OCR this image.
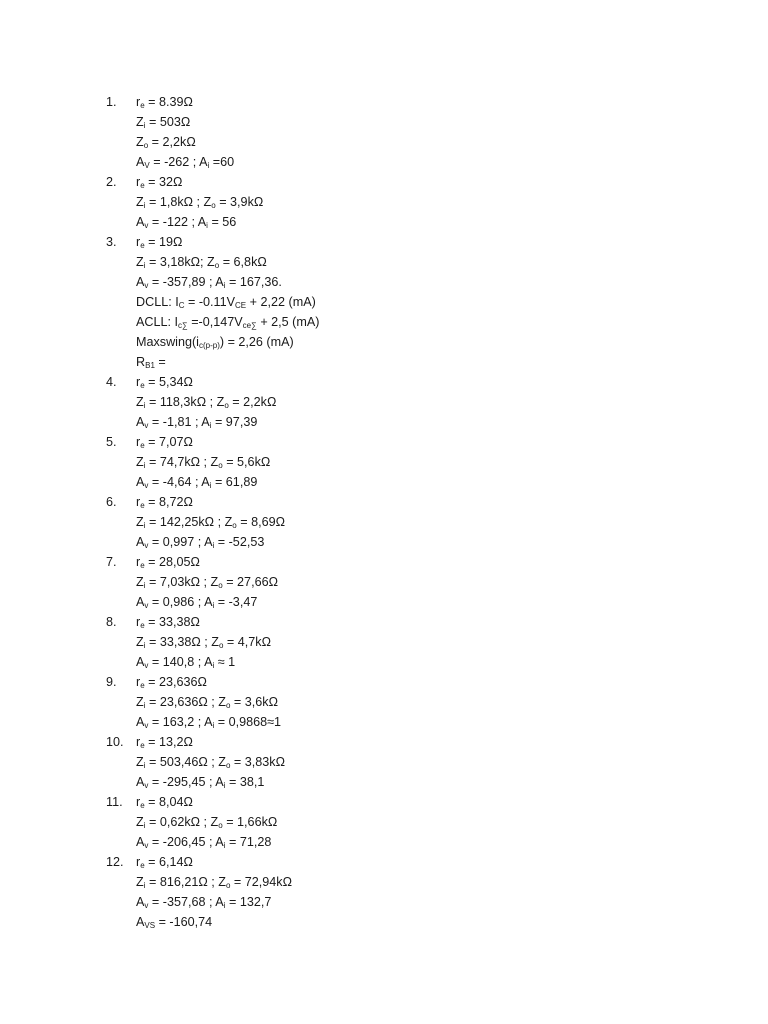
1.	$r_e = 8.39\Omega$
$Z_i = 503\Omega$
$Z_o = 2,2k\Omega$
$A_V = -262$ ; $A_i =60$
2.	$r_e = 32\Omega$
$Z_i = 1,8k\Omega$ ; $Z_o = 3,9k\Omega$
$A_v = -122$ ; $A_i = 56$
3.	$r_e = 19\Omega$
$Z_i = 3,18k\Omega$; $Z_o = 6,8k\Omega$
$A_v = -357,89$ ; $A_i = 167,36$.
DCLL: $I_C = -0.11V_{CE} + 2,22$ (mA)
ACLL: $I_{c\sum} =-0,147V_{ce\sum} + 2,5$ (mA)
$Maxswing(i_{c(p-p)}) = 2,26$ (mA)
$R_{B1}$ =
4.	$r_e = 5,34\Omega$
$Z_i = 118,3k\Omega$ ; $Z_o = 2,2k\Omega$
$A_v = -1,81$ ; $A_i = 97,39$
5.	$r_e = 7,07\Omega$
$Z_i = 74,7k\Omega$ ; $Z_o = 5,6k\Omega$
$A_v = -4,64$ ; $A_i = 61,89$
6.	$r_e = 8,72\Omega$
$Z_i = 142,25k\Omega$ ; $Z_o = 8,69\Omega$
$A_v = 0,997$ ; $A_i = -52,53$
7.	$r_e = 28,05\Omega$
$Z_i = 7,03k\Omega$ ; $Z_o = 27,66\Omega$
$A_v = 0,986$ ; $A_i = -3,47$
8.	$r_e = 33,38\Omega$
$Z_i = 33,38\Omega$ ; $Z_o = 4,7k\Omega$
$A_v = 140,8$ ; $A_i \approx 1$
9.	$r_e = 23,636\Omega$
$Z_i = 23,636\Omega$ ; $Z_o = 3,6k\Omega$
$A_v = 163,2$ ; $A_i = 0,9868\approx 1$
10. $r_e = 13,2\Omega$
$Z_i = 503,46\Omega$ ; $Z_o = 3,83k\Omega$
$A_v = -295,45$ ; $A_i = 38,1$
11.	$r_e = 8,04\Omega$
$Z_i = 0,62k\Omega$ ; $Z_o = 1,66k\Omega$
$A_v = -206,45$ ; $A_i = 71,28$
12. $r_e = 6,14\Omega$
$Z_i = 816,21\Omega$ ; $Z_o = 72,94k\Omega$
$A_v = -357,68$ ; $A_i = 132,7$
$A_{VS} = -160,74$
